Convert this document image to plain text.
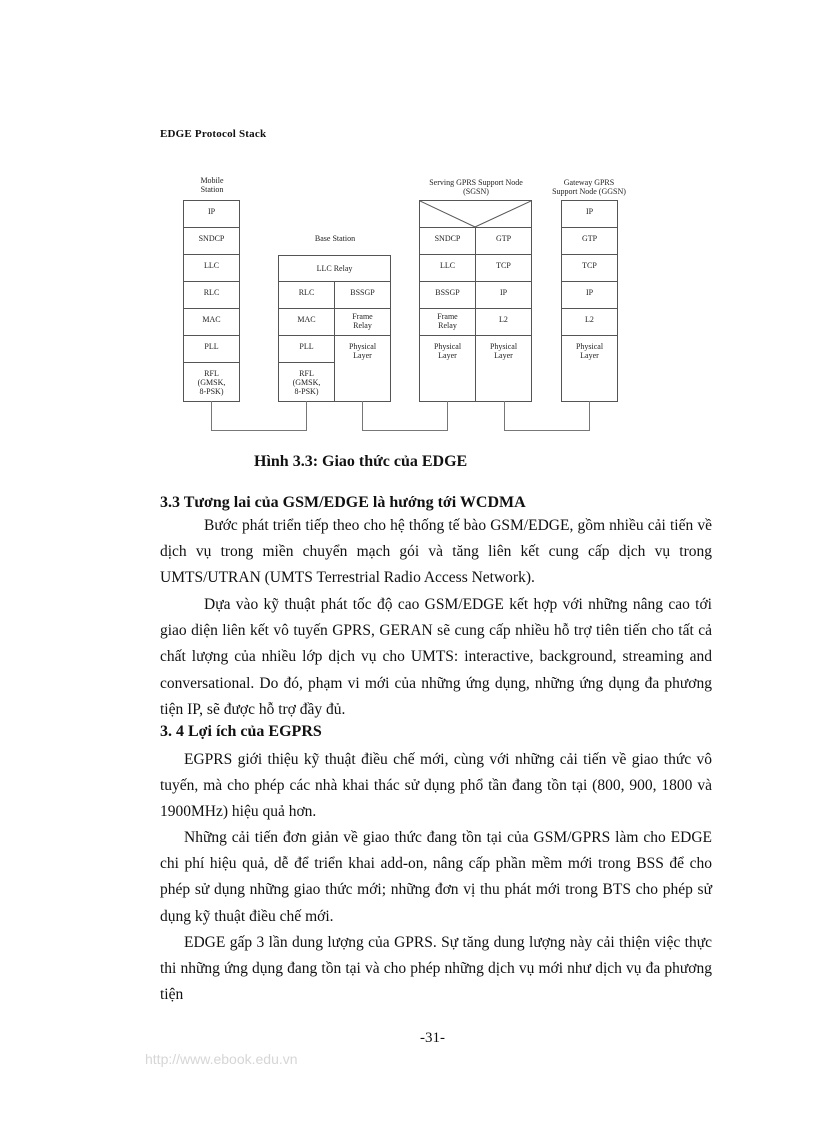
EDGE Protocol Stack
Mobile
Station
Base Station
Serving GPRS Support Node
(SGSN)
Gateway GPRS
Support Node (GGSN)
IP
SNDCP
LLC
RLC
MAC
PLL
RFL
(GMSK,
8-PSK)
LLC Relay
RLC
MAC
PLL
RFL
(GMSK,
8-PSK)
BSSGP
Frame
Relay
Physical
Layer
SNDCP
LLC
BSSGP
Frame
Relay
Physical
Layer
GTP
TCP
IP
L2
Physical
Layer
IP
GTP
TCP
IP
L2
Physical
Layer
Hình 3.3: Giao thức của EDGE
3.3 Tương lai của GSM/EDGE là hướng tới WCDMA

Bước phát triển tiếp theo cho hệ thống tế bào GSM/EDGE, gồm nhiều cải tiến về dịch vụ trong miền chuyển mạch gói và tăng liên kết cung cấp dịch vụ trong UMTS/UTRAN (UMTS Terrestrial Radio Access Network).

Dựa vào kỹ thuật phát tốc độ cao GSM/EDGE kết hợp với những nâng cao tới giao diện liên kết vô tuyến GPRS, GERAN sẽ cung cấp nhiều hỗ trợ tiên tiến cho tất cả chất lượng của nhiều lớp dịch vụ cho UMTS: interactive, background, streaming and conversational. Do đó, phạm vi mới của những ứng dụng, những ứng dụng đa phương tiện IP, sẽ được hỗ trợ đầy đủ.

3. 4 Lợi ích của EGPRS

EGPRS giới thiệu kỹ thuật điều chế mới, cùng với những cải tiến về giao thức vô tuyến, mà cho phép các nhà khai thác sử dụng phổ tần đang tồn tại (800, 900, 1800 và 1900MHz) hiệu quả hơn.

Những cải tiến đơn giản về giao thức đang tồn tại của GSM/GPRS làm cho EDGE chi phí hiệu quả, dễ để triển khai add-on, nâng cấp phần mềm mới trong BSS để cho phép sử dụng những giao thức mới; những đơn vị thu phát mới trong BTS cho phép sử dụng kỹ thuật điều chế mới.

EDGE gấp 3 lần dung lượng của GPRS. Sự tăng dung lượng này cải thiện việc thực thi những ứng dụng đang tồn tại và cho phép những dịch vụ mới như dịch vụ đa phương tiện

-31-
http://www.ebook.edu.vn
